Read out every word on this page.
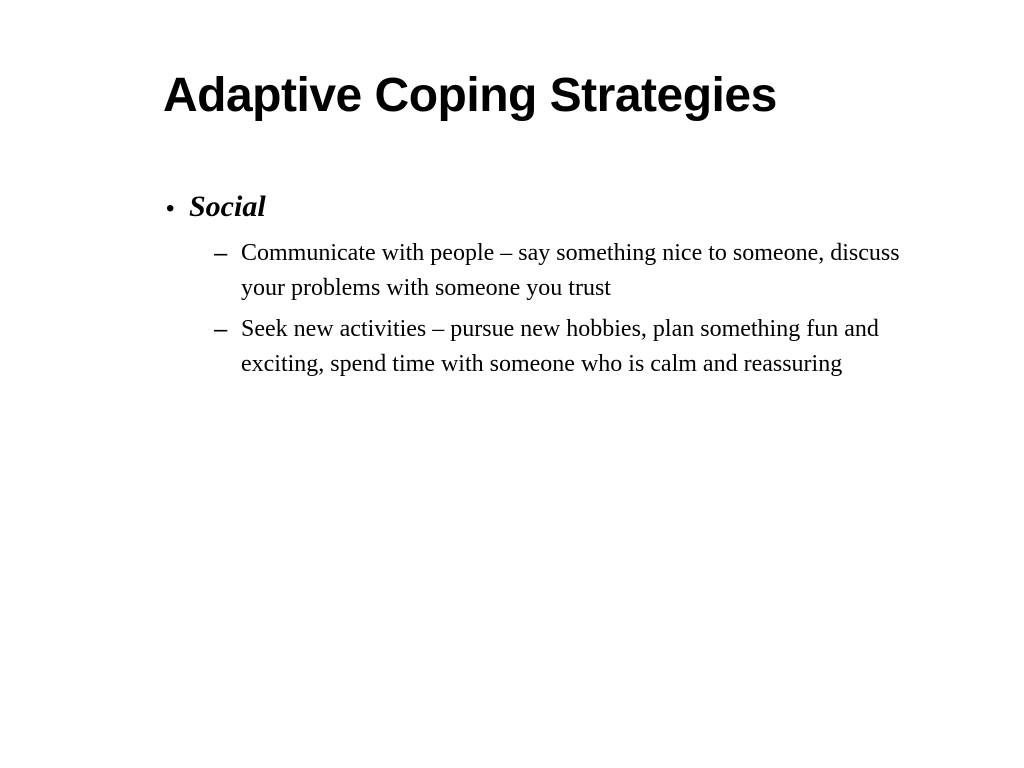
Adaptive Coping Strategies
• Social
– Communicate with people – say something nice to someone, discuss your problems with someone you trust
– Seek new activities – pursue new hobbies, plan something fun and exciting, spend time with someone who is calm and reassuring
